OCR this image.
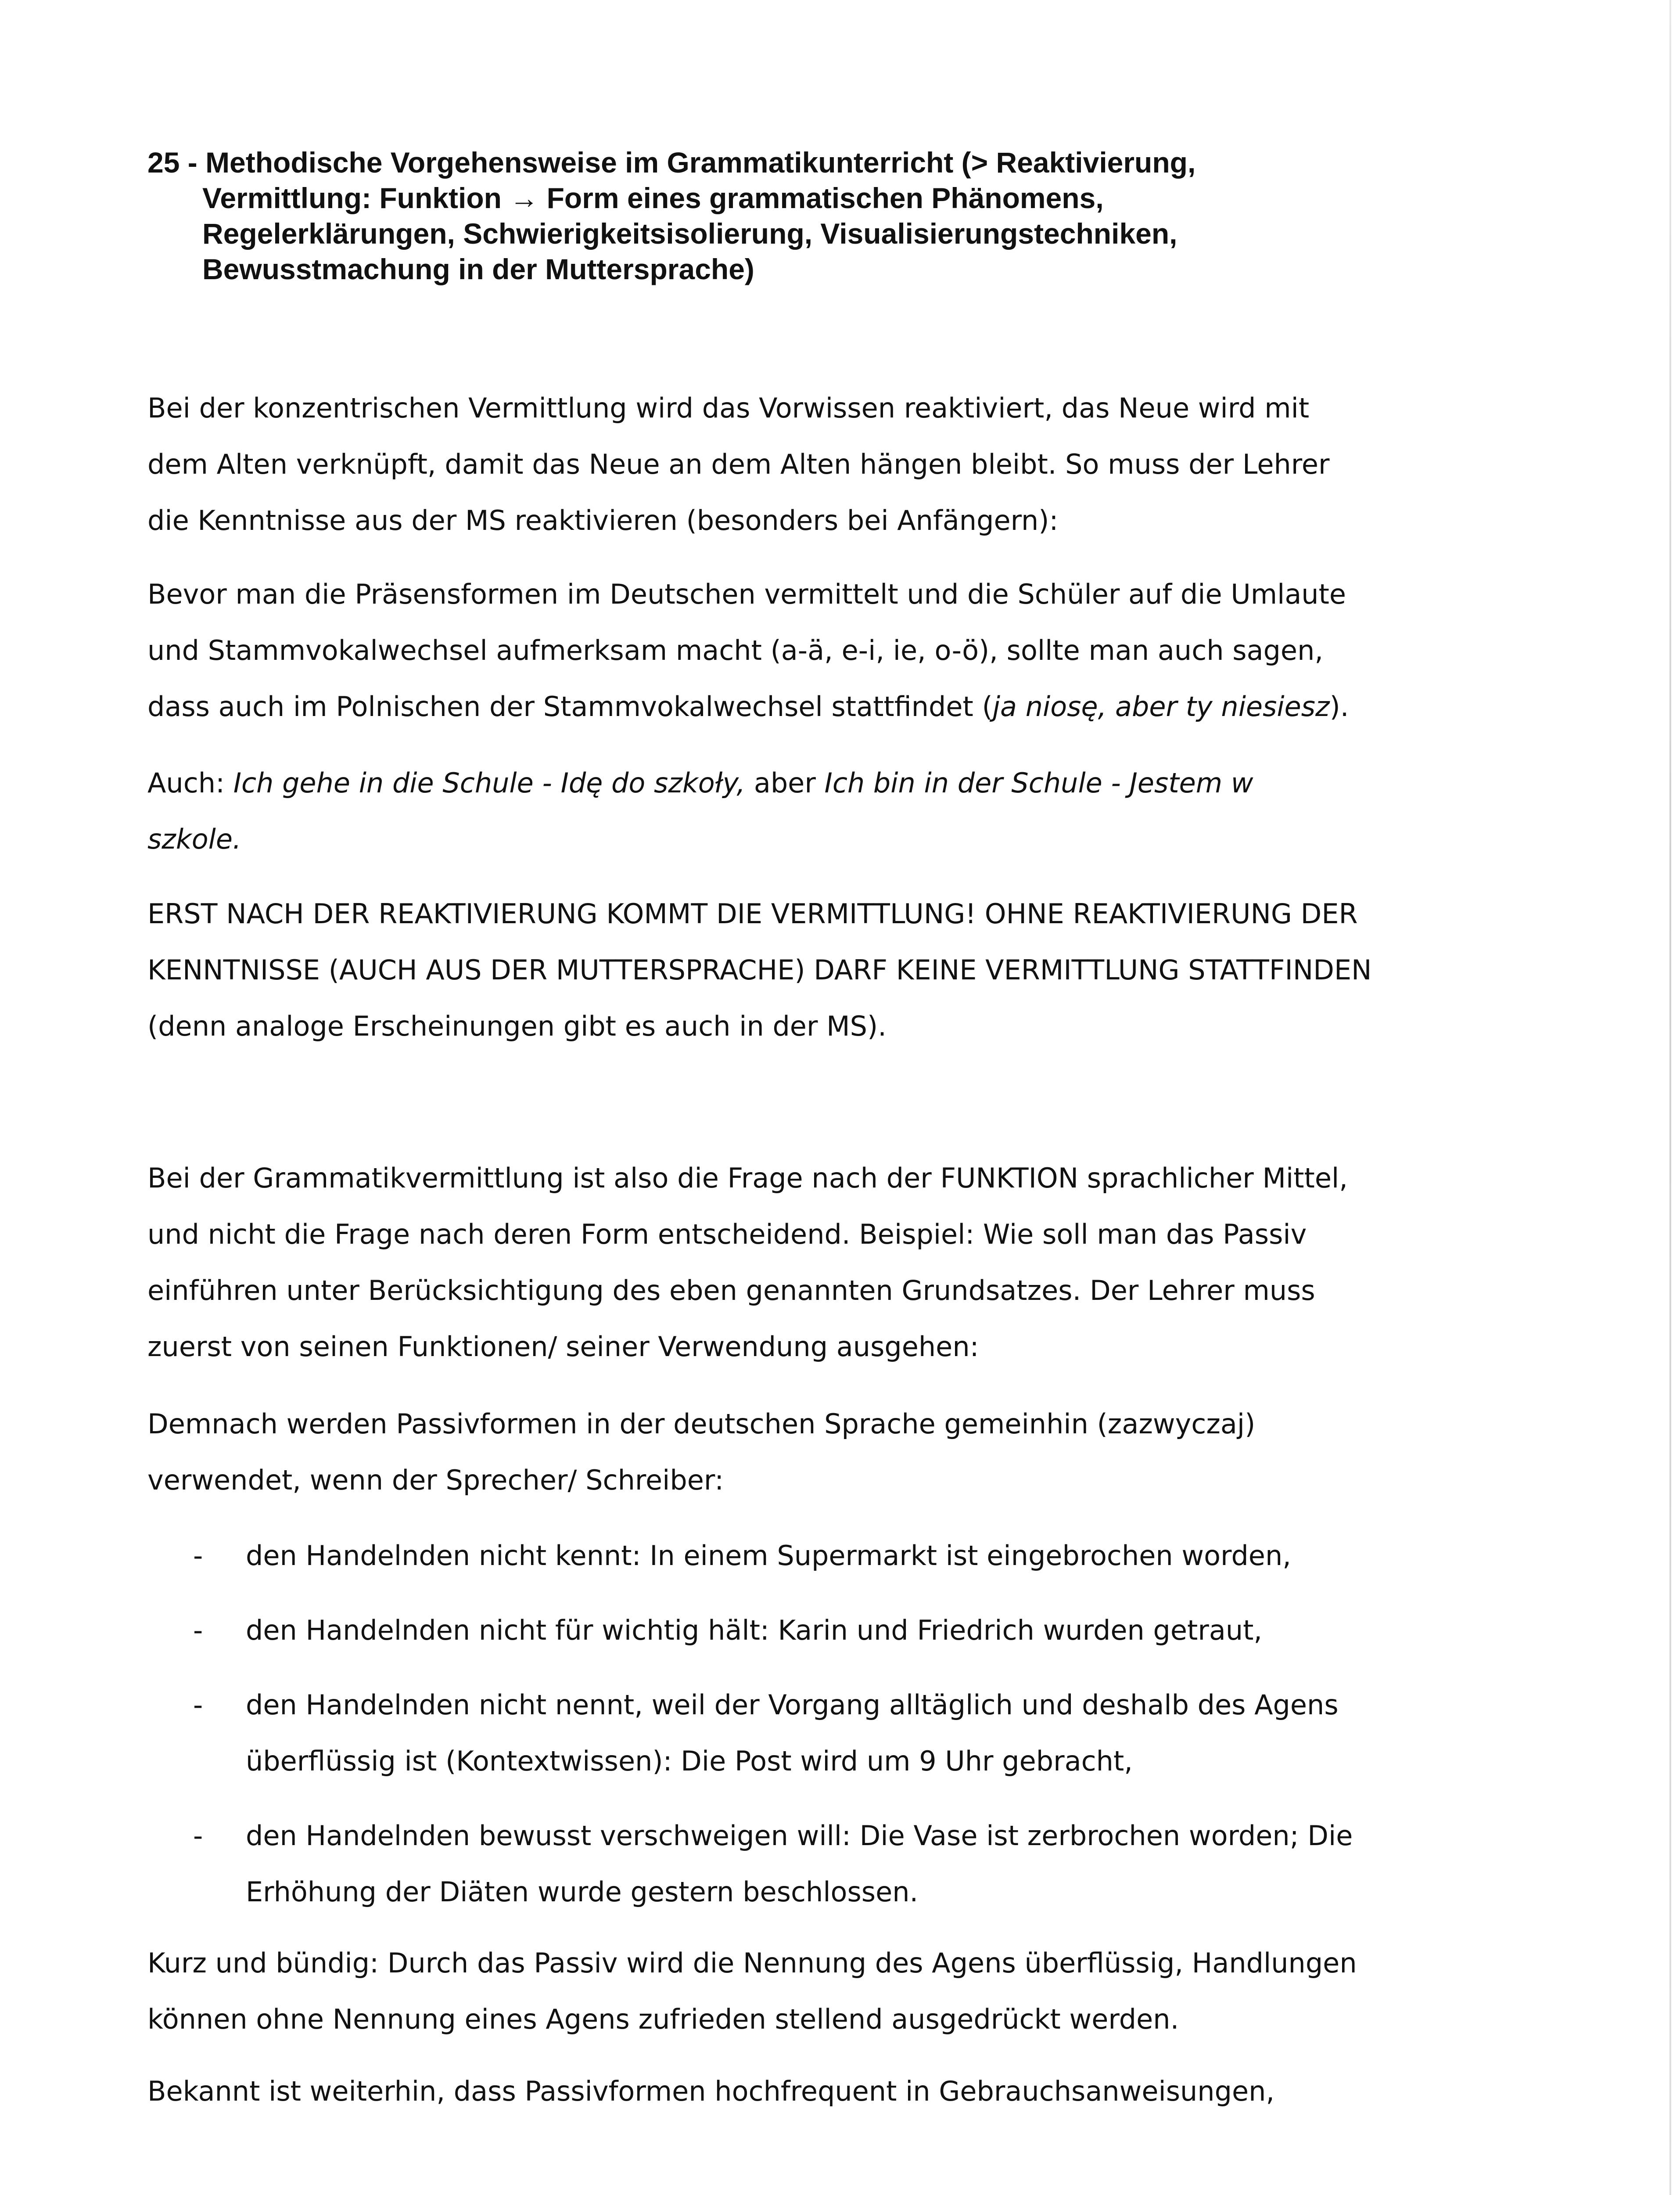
25 - Methodische Vorgehensweise im Grammatikunterricht (> Reaktivierung,
Vermittlung: Funktion → Form eines grammatischen Phänomens,
Regelerklärungen, Schwierigkeitsisolierung, Visualisierungstechniken,
Bewusstmachung in der Muttersprache)

Bei der konzentrischen Vermittlung wird das Vorwissen reaktiviert, das Neue wird mit
dem Alten verknüpft, damit das Neue an dem Alten hängen bleibt. So muss der Lehrer
die Kenntnisse aus der MS reaktivieren (besonders bei Anfängern):

Bevor man die Präsensformen im Deutschen vermittelt und die Schüler auf die Umlaute
und Stammvokalwechsel aufmerksam macht (a-ä, e-i, ie, o-ö), sollte man auch sagen,
dass auch im Polnischen der Stammvokalwechsel stattfindet (ja niosę, aber ty niesiesz).

Auch: Ich gehe in die Schule - Idę do szkoły, aber Ich bin in der Schule - Jestem w
szkole.

ERST NACH DER REAKTIVIERUNG KOMMT DIE VERMITTLUNG! OHNE REAKTIVIERUNG DER
KENNTNISSE (AUCH AUS DER MUTTERSPRACHE) DARF KEINE VERMITTLUNG STATTFINDEN
(denn analoge Erscheinungen gibt es auch in der MS).

Bei der Grammatikvermittlung ist also die Frage nach der FUNKTION sprachlicher Mittel,
und nicht die Frage nach deren Form entscheidend. Beispiel: Wie soll man das Passiv
einführen unter Berücksichtigung des eben genannten Grundsatzes. Der Lehrer muss
zuerst von seinen Funktionen/ seiner Verwendung ausgehen:

Demnach werden Passivformen in der deutschen Sprache gemeinhin (zazwyczaj)
verwendet, wenn der Sprecher/ Schreiber:

- den Handelnden nicht kennt: In einem Supermarkt ist eingebrochen worden,
- den Handelnden nicht für wichtig hält: Karin und Friedrich wurden getraut,
- den Handelnden nicht nennt, weil der Vorgang alltäglich und deshalb des Agens
überflüssig ist (Kontextwissen): Die Post wird um 9 Uhr gebracht,
- den Handelnden bewusst verschweigen will: Die Vase ist zerbrochen worden; Die
Erhöhung der Diäten wurde gestern beschlossen.

Kurz und bündig: Durch das Passiv wird die Nennung des Agens überflüssig, Handlungen
können ohne Nennung eines Agens zufrieden stellend ausgedrückt werden.

Bekannt ist weiterhin, dass Passivformen hochfrequent in Gebrauchsanweisungen,
